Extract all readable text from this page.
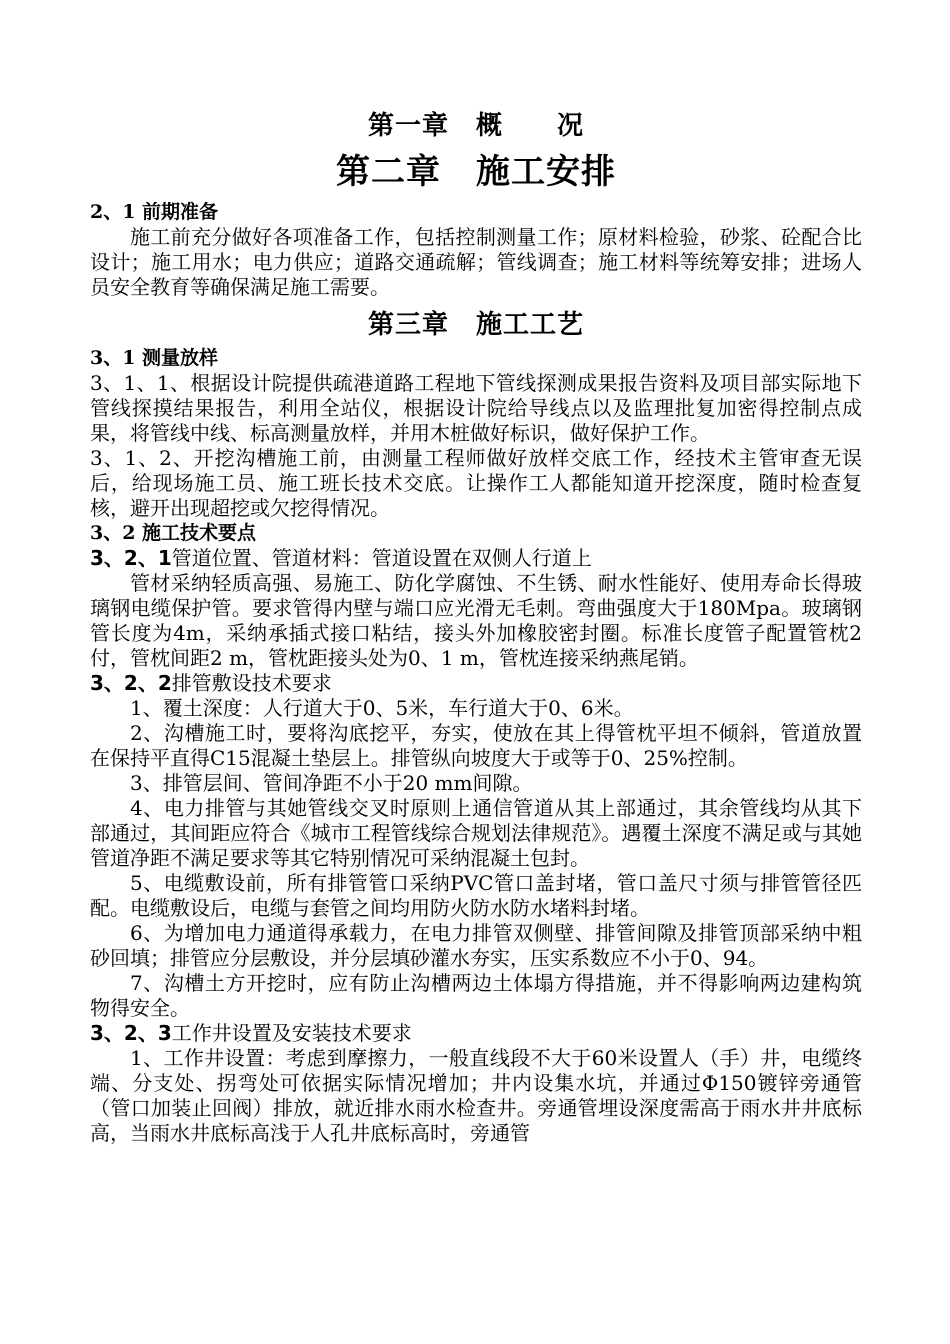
第一章　概　　况
第二章　施工安排
2、1 前期准备

施工前充分做好各项准备工作，包括控制测量工作；原材料检验，砂浆、砼配合比设计；施工用水；电力供应；道路交通疏解；管线调查；施工材料等统筹安排；进场人员安全教育等确保满足施工需要。

第三章　施工工艺
3、1 测量放样

3、1、1、根据设计院提供疏港道路工程地下管线探测成果报告资料及项目部实际地下管线探摸结果报告，利用全站仪，根据设计院给导线点以及监理批复加密得控制点成果，将管线中线、标高测量放样，并用木桩做好标识，做好保护工作。

3、1、2、开挖沟槽施工前，由测量工程师做好放样交底工作，经技术主管审查无误后，给现场施工员、施工班长技术交底。让操作工人都能知道开挖深度，随时检查复核，避开出现超挖或欠挖得情况。

3、2 施工技术要点

3、2、1管道位置、管道材料：管道设置在双侧人行道上

管材采纳轻质高强、易施工、防化学腐蚀、不生锈、耐水性能好、使用寿命长得玻璃钢电缆保护管。要求管得内壁与端口应光滑无毛刺。弯曲强度大于180Mpa。玻璃钢管长度为4m，采纳承插式接口粘结，接头外加橡胶密封圈。标准长度管子配置管枕2付，管枕间距2 m，管枕距接头处为0、1 m，管枕连接采纳燕尾销。

3、2、2排管敷设技术要求

1、覆土深度：人行道大于0、5米，车行道大于0、6米。

2、沟槽施工时，要将沟底挖平，夯实，使放在其上得管枕平坦不倾斜，管道放置在保持平直得C15混凝土垫层上。排管纵向坡度大于或等于0、25%控制。

3、排管层间、管间净距不小于20 mm间隙。

4、电力排管与其她管线交叉时原则上通信管道从其上部通过，其余管线均从其下部通过，其间距应符合《城市工程管线综合规划法律规范》。遇覆土深度不满足或与其她管道净距不满足要求等其它特别情况可采纳混凝土包封。

5、电缆敷设前，所有排管管口采纳PVC管口盖封堵，管口盖尺寸须与排管管径匹配。电缆敷设后，电缆与套管之间均用防火防水防水堵料封堵。

6、为增加电力通道得承载力，在电力排管双侧壁、排管间隙及排管顶部采纳中粗砂回填；排管应分层敷设，并分层填砂灌水夯实，压实系数应不小于0、94。

7、沟槽土方开挖时，应有防止沟槽两边土体塌方得措施，并不得影响两边建构筑物得安全。

3、2、3工作井设置及安装技术要求

1、工作井设置：考虑到摩擦力，一般直线段不大于60米设置人（手）井，电缆终端、分支处、拐弯处可依据实际情况增加；井内设集水坑，并通过Φ150镀锌旁通管（管口加装止回阀）排放，就近排水雨水检查井。旁通管埋设深度需高于雨水井井底标高，当雨水井底标高浅于人孔井底标高时，旁通管
